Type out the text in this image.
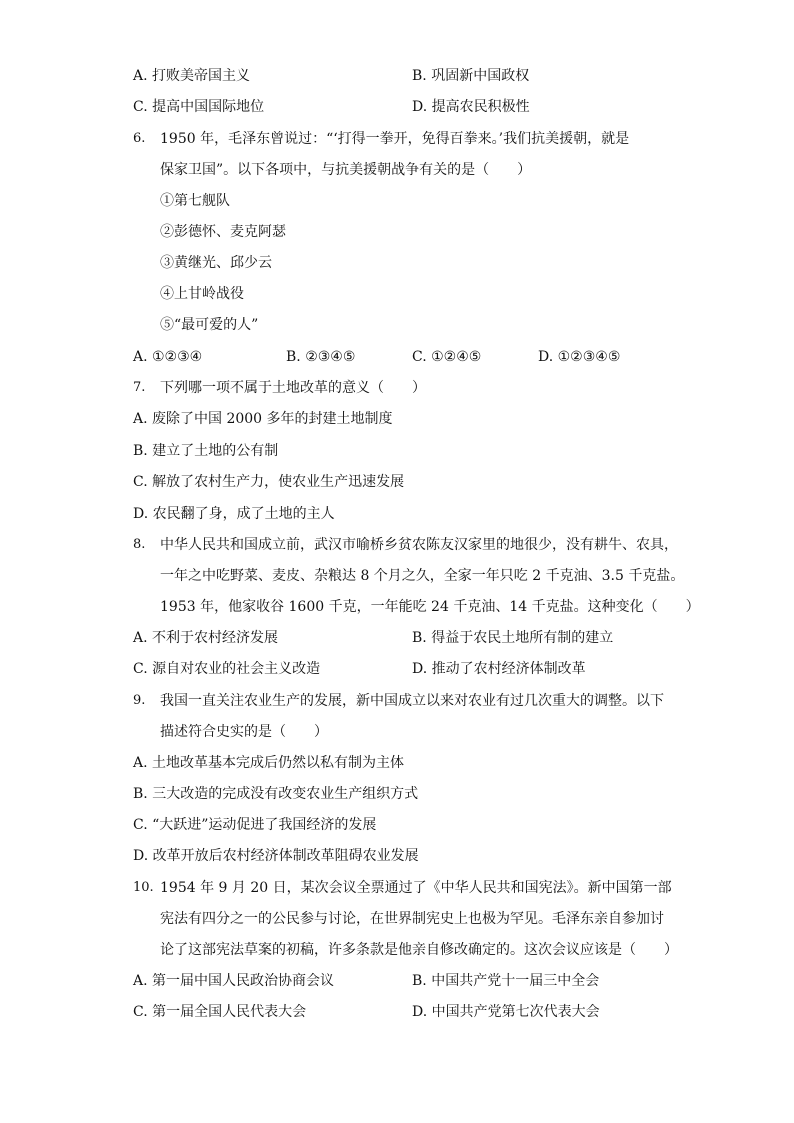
A. 打败美帝国主义	B. 巩固新中国政权
C. 提高中国国际地位	D. 提高农民积极性
6. 1950 年，毛泽东曾说过：“‘打得一拳开，免得百拳来。’我们抗美援朝，就是
保家卫国”。以下各项中，与抗美援朝战争有关的是（　　）
①第七舰队
②彭德怀、麦克阿瑟
③黄继光、邱少云
④上甘岭战役
⑤“最可爱的人”
A. ①②③④	B. ②③④⑤	C. ①②④⑤	D. ①②③④⑤
7. 下列哪一项不属于土地改革的意义（　　）
A. 废除了中国 2000 多年的封建土地制度
B. 建立了土地的公有制
C. 解放了农村生产力，使农业生产迅速发展
D. 农民翻了身，成了土地的主人
8. 中华人民共和国成立前，武汉市喻桥乡贫农陈友汉家里的地很少，没有耕牛、农具，
一年之中吃野菜、麦皮、杂粮达 8 个月之久，全家一年只吃 2 千克油、3.5 千克盐。
1953 年，他家收谷 1600 千克，一年能吃 24 千克油、14 千克盐。这种变化（　　）
A. 不利于农村经济发展	B. 得益于农民土地所有制的建立
C. 源自对农业的社会主义改造	D. 推动了农村经济体制改革
9. 我国一直关注农业生产的发展，新中国成立以来对农业有过几次重大的调整。以下
描述符合史实的是（　　）
A. 土地改革基本完成后仍然以私有制为主体
B. 三大改造的完成没有改变农业生产组织方式
C. “大跃进”运动促进了我国经济的发展
D. 改革开放后农村经济体制改革阻碍农业发展
10. 1954 年 9 月 20 日，某次会议全票通过了《中华人民共和国宪法》。新中国第一部
宪法有四分之一的公民参与讨论，在世界制宪史上也极为罕见。毛泽东亲自参加讨
论了这部宪法草案的初稿，许多条款是他亲自修改确定的。这次会议应该是（　　）
A. 第一届中国人民政治协商会议	B. 中国共产党十一届三中全会
C. 第一届全国人民代表大会	D. 中国共产党第七次代表大会
